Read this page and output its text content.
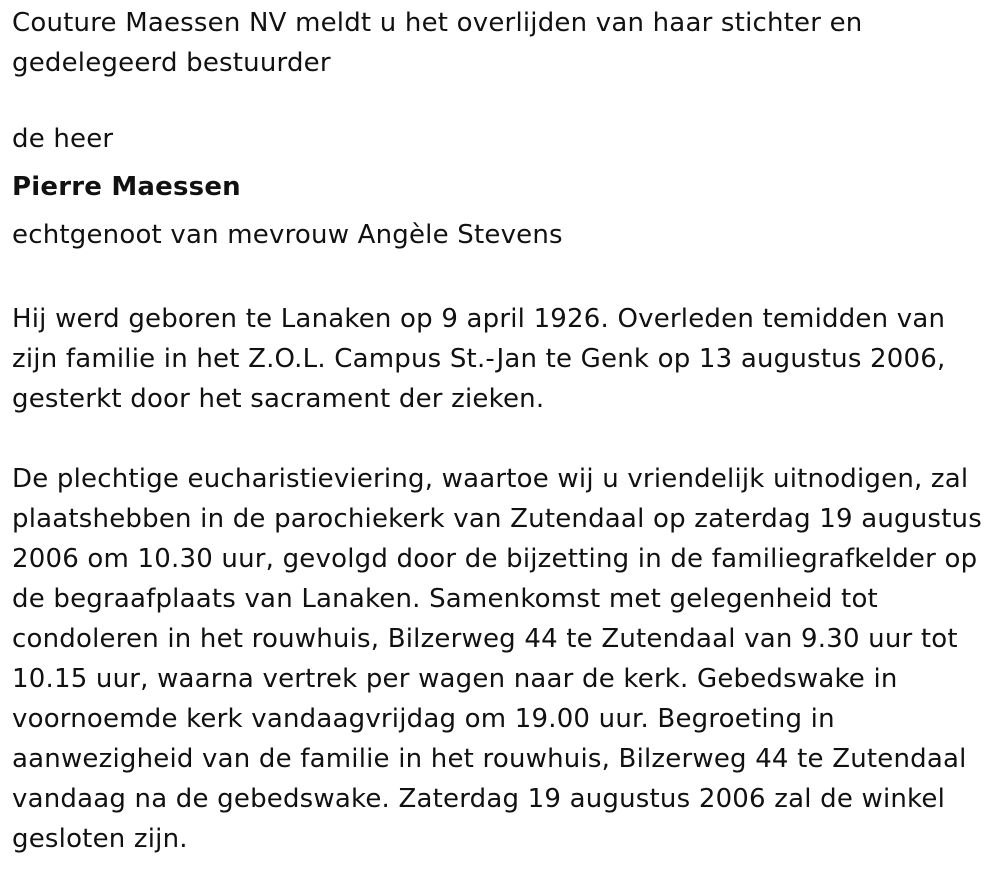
Couture Maessen NV meldt u het overlijden van haar stichter en gedelegeerd bestuurder

de heer

Pierre Maessen

echtgenoot van mevrouw Angèle Stevens

Hij werd geboren te Lanaken op 9 april 1926. Overleden temidden van zijn familie in het Z.O.L. Campus St.-Jan te Genk op 13 augustus 2006, gesterkt door het sacrament der zieken.

De plechtige eucharistieviering, waartoe wij u vriendelijk uitnodigen, zal plaatshebben in de parochiekerk van Zutendaal op zaterdag 19 augustus 2006 om 10.30 uur, gevolgd door de bijzetting in de familiegrafkelder op de begraafplaats van Lanaken. Samenkomst met gelegenheid tot condoleren in het rouwhuis, Bilzerweg 44 te Zutendaal van 9.30 uur tot 10.15 uur, waarna vertrek per wagen naar de kerk. Gebedswake in voornoemde kerk vandaagvrijdag om 19.00 uur. Begroeting in aanwezigheid van de familie in het rouwhuis, Bilzerweg 44 te Zutendaal vandaag na de gebedswake. Zaterdag 19 augustus 2006 zal de winkel gesloten zijn.
